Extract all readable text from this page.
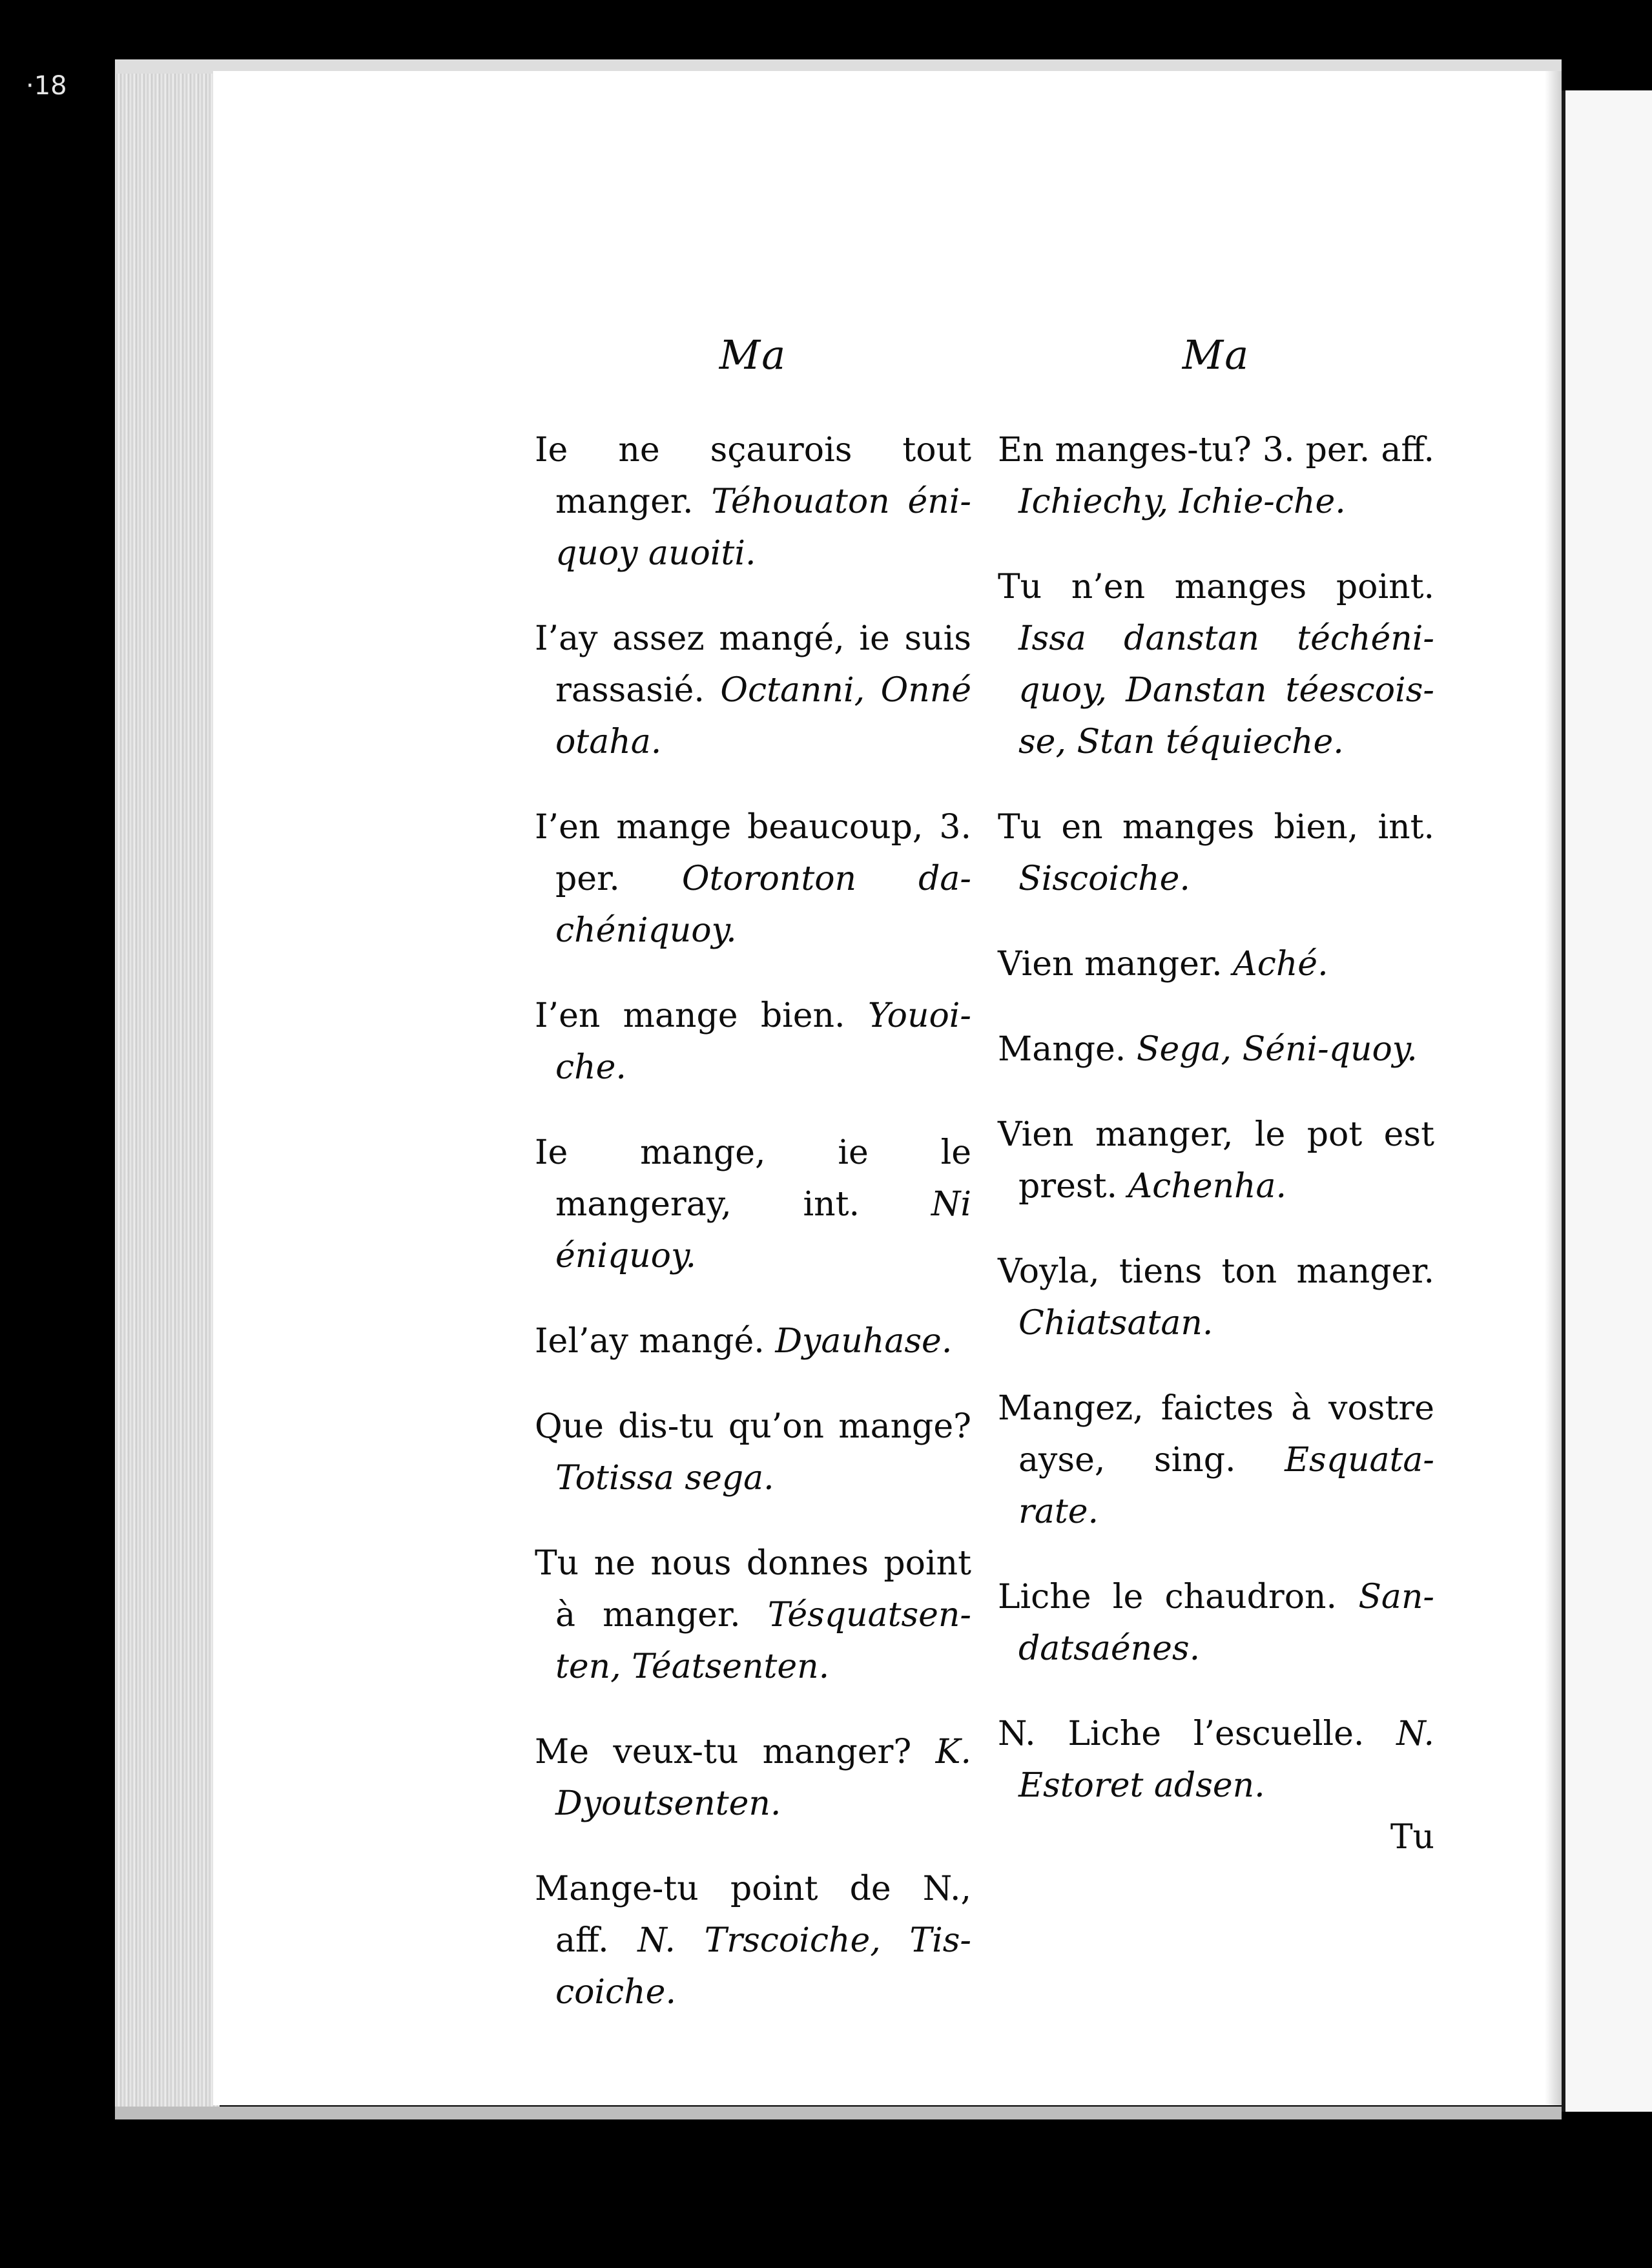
·18
Ma

Ie ne sçaurois tout manger. Téhouaton éni-quoy auoiti.

I’ay assez mangé, ie suis rassasié. Octanni, Onné otaha.

I’en mange beaucoup, 3. per. Otoronton da-chéniquoy.

I’en mange bien. Youoi-che.

Ie mange, ie le mangeray, int. Ni éniquoy.

Iel’ay mangé. Dyauhase.

Que dis-tu qu’on mange? Totissa sega.

Tu ne nous donnes point à manger. Tésquatsen-ten, Téatsenten.

Me veux-tu manger? K. Dyoutsenten.

Mange-tu point de N., aff. N. Trscoiche, Tis-coiche.

Ma

En manges-tu? 3. per. aff. Ichiechy, Ichie-che.

Tu n’en manges point. Issa danstan téchéni-quoy, Danstan téescois-se, Stan téquieche.

Tu en manges bien, int. Siscoiche.

Vien manger. Aché.

Mange. Sega, Séni-quoy.

Vien manger, le pot est prest. Achenha.

Voyla, tiens ton manger. Chiatsatan.

Mangez, faictes à vostre ayse, sing. Esquata-rate.

Liche le chaudron. San-datsaénes.

N. Liche l’escuelle. N. Estoret adsen.

Tu
